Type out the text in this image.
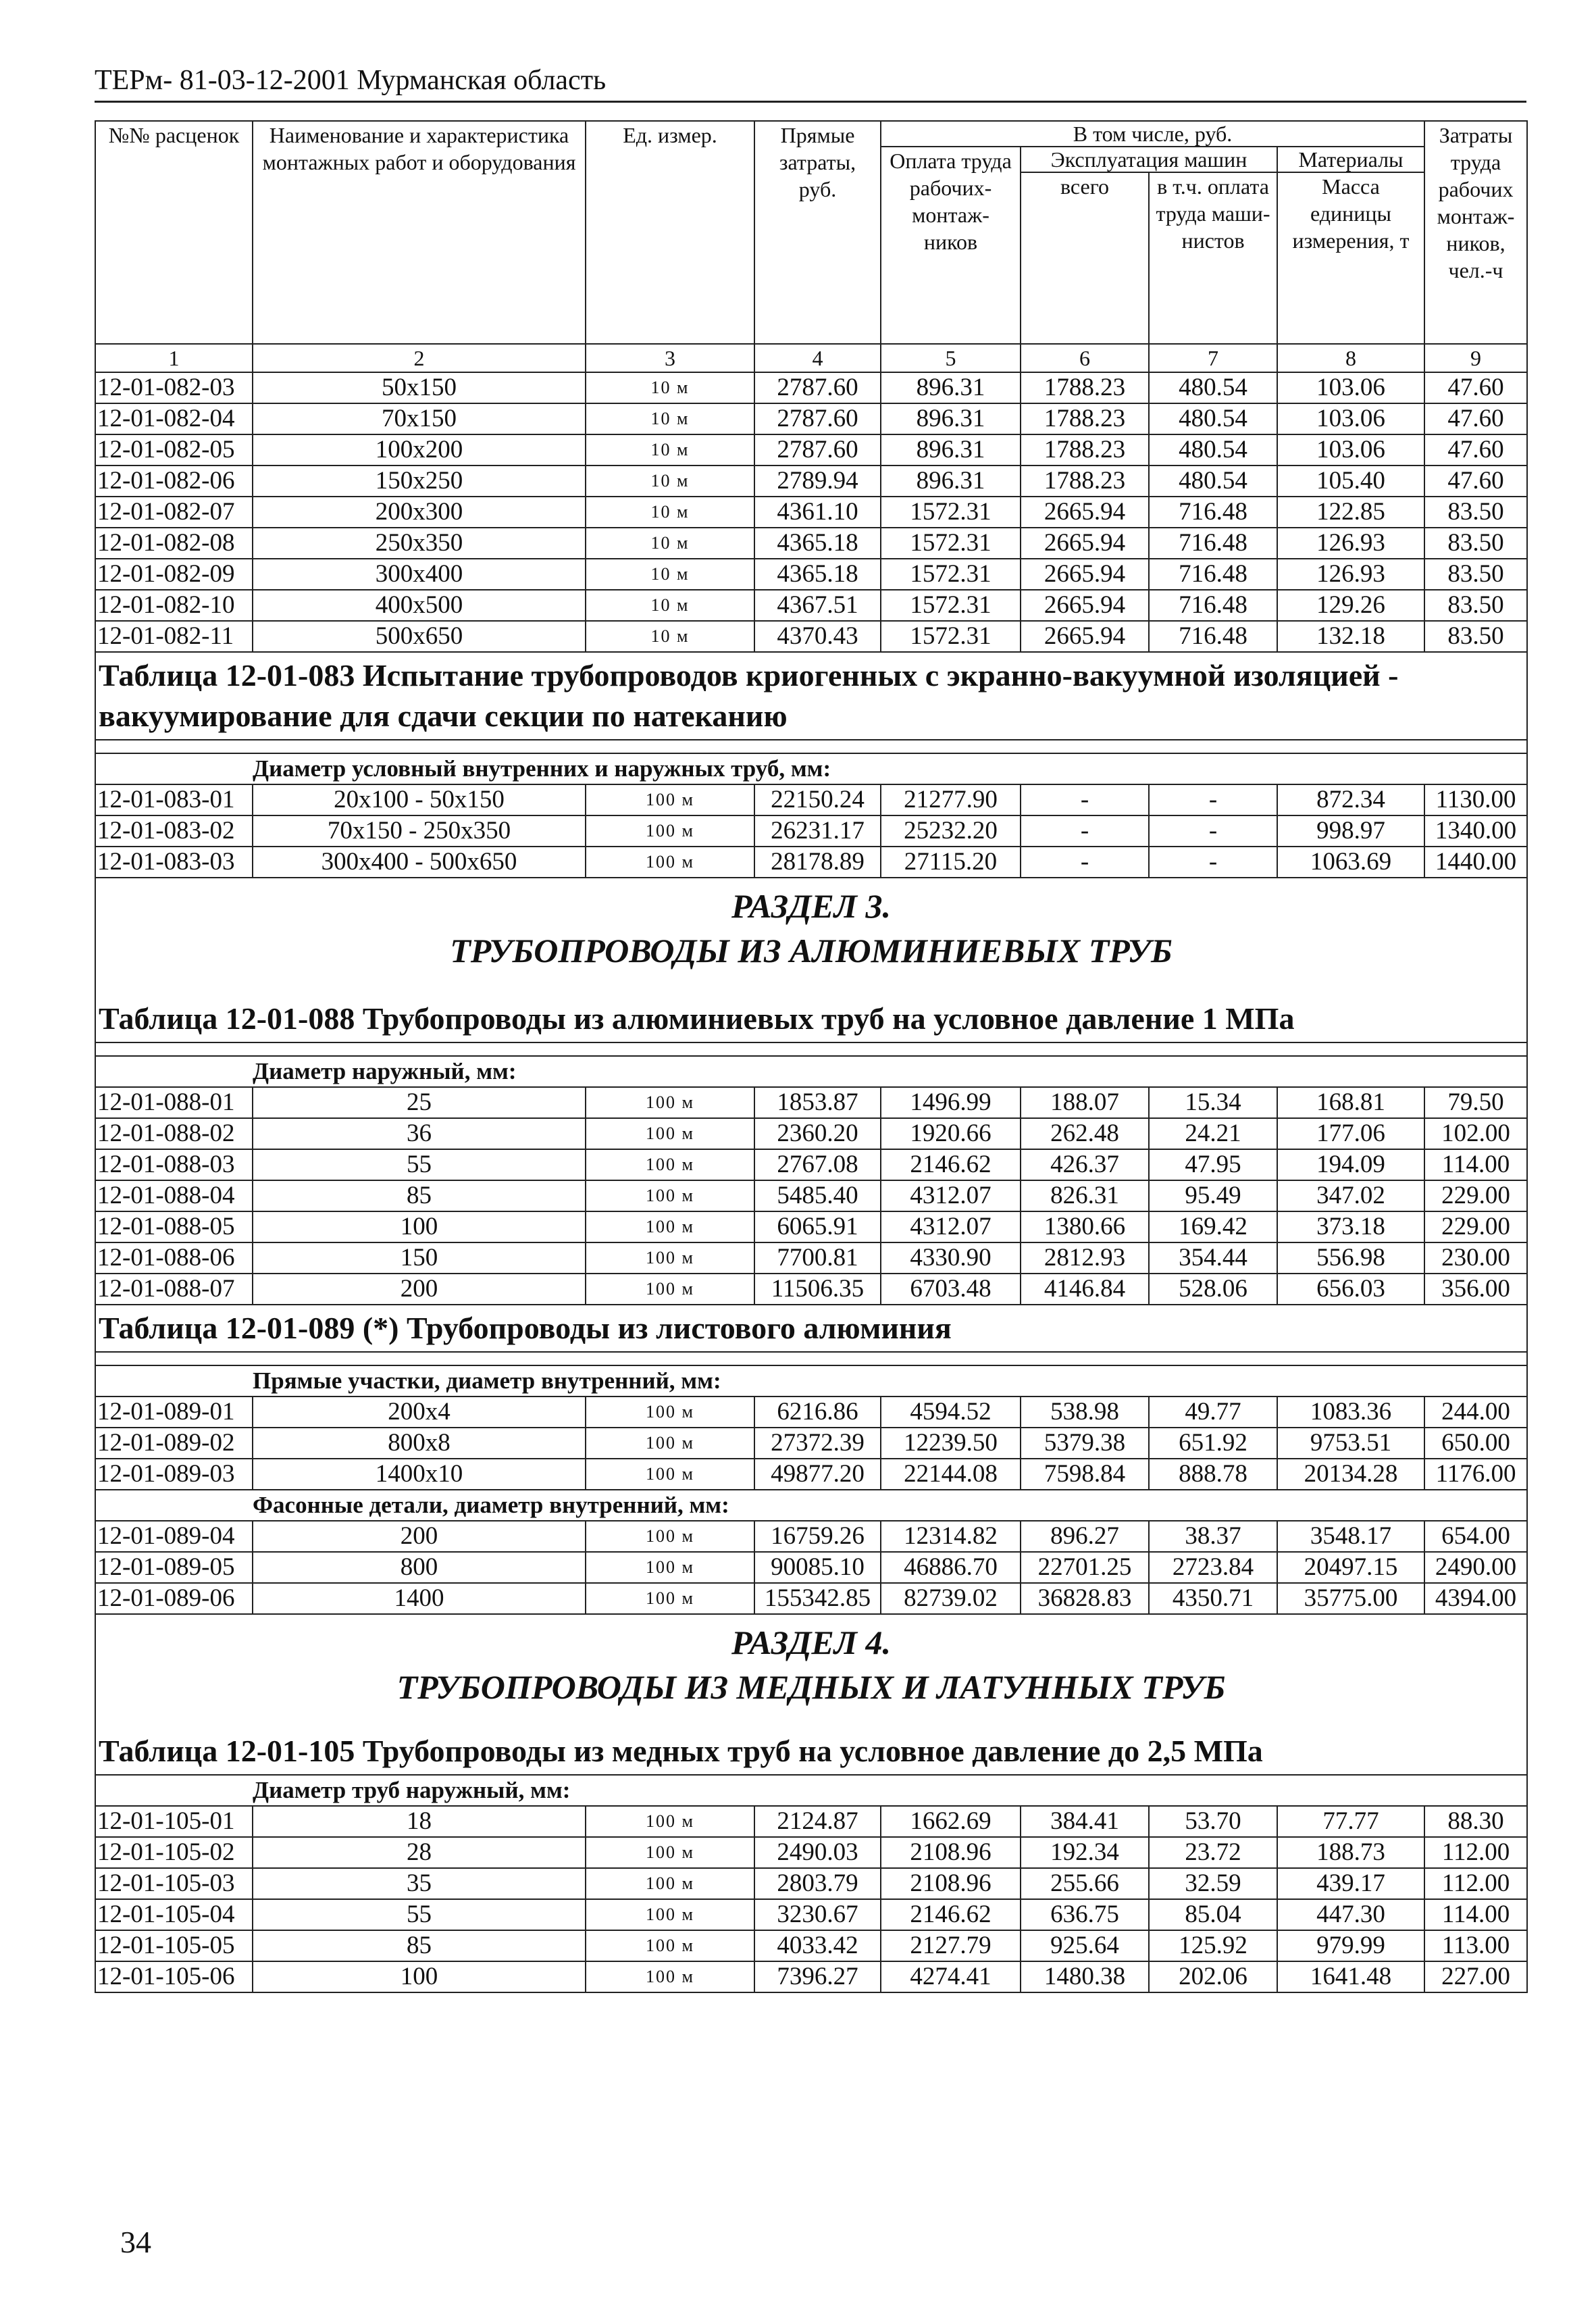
ТЕРм- 81-03-12-2001 Мурманская область
№№ расценок	Наименование и характеристика монтажных работ и оборудования	Ед. измер.	Прямые затраты, руб.	В том числе, руб.				Затраты труда рабочих монтаж-ников, чел.-ч
				Оплата труда рабочих-монтаж-ников	Эксплуатация машин		Материалы	
					всего	в т.ч. оплата труда маши-нистов	Масса единицы измерения, т	
1	2	3	4	5	6	7	8	9
12-01-082-03	50x150	10 м	2787.60	896.31	1788.23	480.54	103.06	47.60
12-01-082-04	70x150	10 м	2787.60	896.31	1788.23	480.54	103.06	47.60
12-01-082-05	100x200	10 м	2787.60	896.31	1788.23	480.54	103.06	47.60
12-01-082-06	150x250	10 м	2789.94	896.31	1788.23	480.54	105.40	47.60
12-01-082-07	200x300	10 м	4361.10	1572.31	2665.94	716.48	122.85	83.50
12-01-082-08	250x350	10 м	4365.18	1572.31	2665.94	716.48	126.93	83.50
12-01-082-09	300x400	10 м	4365.18	1572.31	2665.94	716.48	126.93	83.50
12-01-082-10	400x500	10 м	4367.51	1572.31	2665.94	716.48	129.26	83.50
12-01-082-11	500x650	10 м	4370.43	1572.31	2665.94	716.48	132.18	83.50
Таблица 12-01-083 Испытание трубопроводов криогенных с экранно-вакуумной изоляцией - вакуумирование для сдачи секции по натеканию								

Диаметр условный внутренних и наружных труб, мм:								
12-01-083-01	20x100 - 50x150	100 м	22150.24	21277.90	-	-	872.34	1130.00
12-01-083-02	70x150 - 250x350	100 м	26231.17	25232.20	-	-	998.97	1340.00
12-01-083-03	300x400 - 500x650	100 м	28178.89	27115.20	-	-	1063.69	1440.00
РАЗДЕЛ 3.
ТРУБОПРОВОДЫ ИЗ АЛЮМИНИЕВЫХ ТРУБ								
Таблица 12-01-088 Трубопроводы из алюминиевых труб на условное давление 1 МПа								

Диаметр наружный, мм:								
12-01-088-01	25	100 м	1853.87	1496.99	188.07	15.34	168.81	79.50
12-01-088-02	36	100 м	2360.20	1920.66	262.48	24.21	177.06	102.00
12-01-088-03	55	100 м	2767.08	2146.62	426.37	47.95	194.09	114.00
12-01-088-04	85	100 м	5485.40	4312.07	826.31	95.49	347.02	229.00
12-01-088-05	100	100 м	6065.91	4312.07	1380.66	169.42	373.18	229.00
12-01-088-06	150	100 м	7700.81	4330.90	2812.93	354.44	556.98	230.00
12-01-088-07	200	100 м	11506.35	6703.48	4146.84	528.06	656.03	356.00
Таблица 12-01-089 (*) Трубопроводы из листового алюминия								

Прямые участки, диаметр внутренний, мм:								
12-01-089-01	200x4	100 м	6216.86	4594.52	538.98	49.77	1083.36	244.00
12-01-089-02	800x8	100 м	27372.39	12239.50	5379.38	651.92	9753.51	650.00
12-01-089-03	1400x10	100 м	49877.20	22144.08	7598.84	888.78	20134.28	1176.00
Фасонные детали, диаметр внутренний, мм:								
12-01-089-04	200	100 м	16759.26	12314.82	896.27	38.37	3548.17	654.00
12-01-089-05	800	100 м	90085.10	46886.70	22701.25	2723.84	20497.15	2490.00
12-01-089-06	1400	100 м	155342.85	82739.02	36828.83	4350.71	35775.00	4394.00
РАЗДЕЛ 4.
ТРУБОПРОВОДЫ ИЗ МЕДНЫХ И ЛАТУННЫХ ТРУБ								
Таблица 12-01-105 Трубопроводы из медных труб на условное давление до 2,5 МПа								
Диаметр труб наружный, мм:								
12-01-105-01	18	100 м	2124.87	1662.69	384.41	53.70	77.77	88.30
12-01-105-02	28	100 м	2490.03	2108.96	192.34	23.72	188.73	112.00
12-01-105-03	35	100 м	2803.79	2108.96	255.66	32.59	439.17	112.00
12-01-105-04	55	100 м	3230.67	2146.62	636.75	85.04	447.30	114.00
12-01-105-05	85	100 м	4033.42	2127.79	925.64	125.92	979.99	113.00
12-01-105-06	100	100 м	7396.27	4274.41	1480.38	202.06	1641.48	227.00
34
